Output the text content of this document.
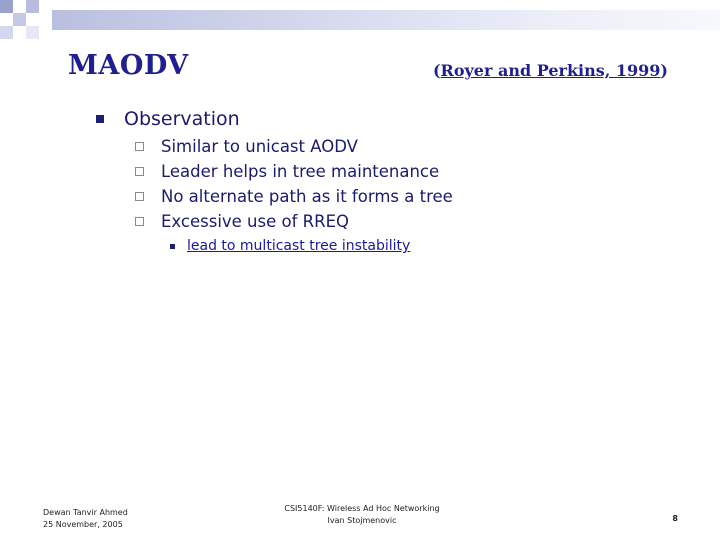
MAODV	(Royer and Perkins, 1999)
Observation
Similar to unicast AODV
Leader helps in tree maintenance
No alternate path as it forms a tree
Excessive use of RREQ
lead to multicast tree instability
Dewan Tanvir Ahmed
25 November, 2005
CSI5140F: Wireless Ad Hoc Networking
Ivan Stojmenovic	8
